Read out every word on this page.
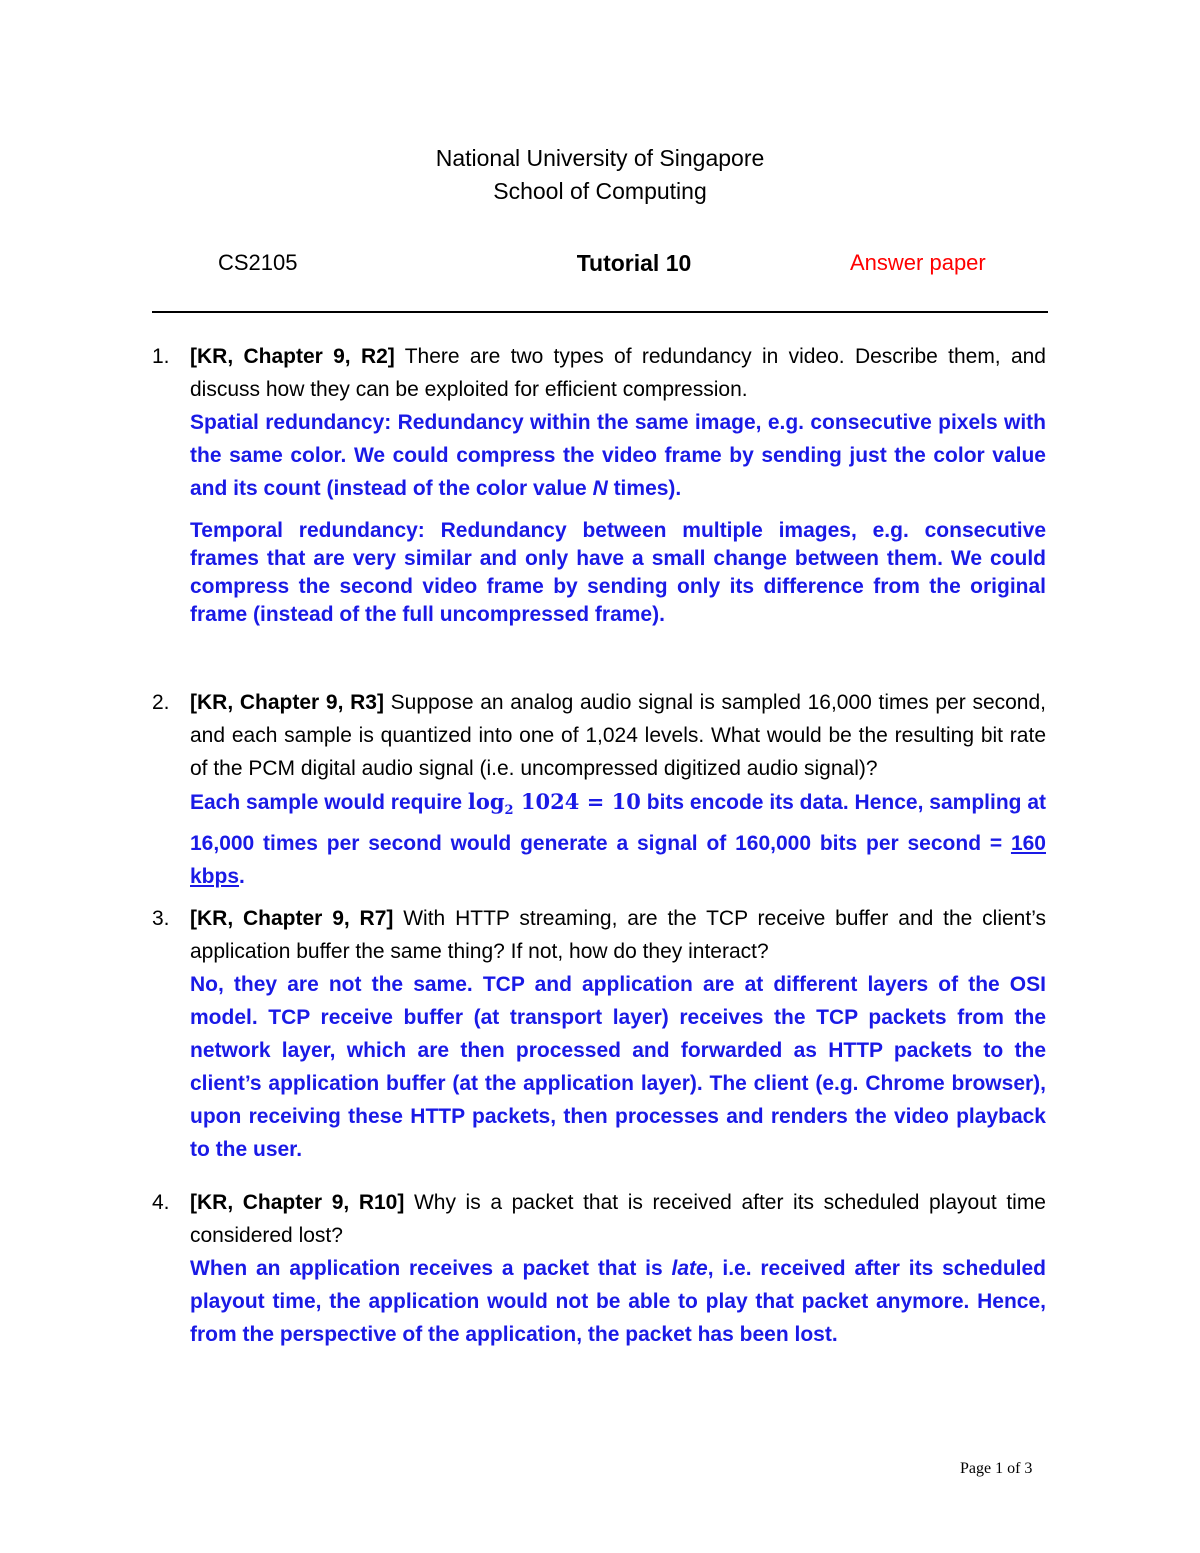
National University of Singapore
School of Computing
CS2105	Tutorial 10	Answer paper
1. [KR, Chapter 9, R2] There are two types of redundancy in video. Describe them, and discuss how they can be exploited for efficient compression.
Spatial redundancy: Redundancy within the same image, e.g. consecutive pixels with the same color. We could compress the video frame by sending just the color value and its count (instead of the color value N times).
Temporal redundancy: Redundancy between multiple images, e.g. consecutive frames that are very similar and only have a small change between them. We could compress the second video frame by sending only its difference from the original frame (instead of the full uncompressed frame).
2. [KR, Chapter 9, R3] Suppose an analog audio signal is sampled 16,000 times per second, and each sample is quantized into one of 1,024 levels. What would be the resulting bit rate of the PCM digital audio signal (i.e. uncompressed digitized audio signal)?
Each sample would require $\log_2 1024 = 10$ bits encode its data. Hence, sampling at 16,000 times per second would generate a signal of 160,000 bits per second = 160 kbps.
3. [KR, Chapter 9, R7] With HTTP streaming, are the TCP receive buffer and the client’s application buffer the same thing? If not, how do they interact?
No, they are not the same. TCP and application are at different layers of the OSI model. TCP receive buffer (at transport layer) receives the TCP packets from the network layer, which are then processed and forwarded as HTTP packets to the client’s application buffer (at the application layer). The client (e.g. Chrome browser), upon receiving these HTTP packets, then processes and renders the video playback to the user.
4. [KR, Chapter 9, R10] Why is a packet that is received after its scheduled playout time considered lost?
When an application receives a packet that is late, i.e. received after its scheduled playout time, the application would not be able to play that packet anymore. Hence, from the perspective of the application, the packet has been lost.
Page 1 of 3
